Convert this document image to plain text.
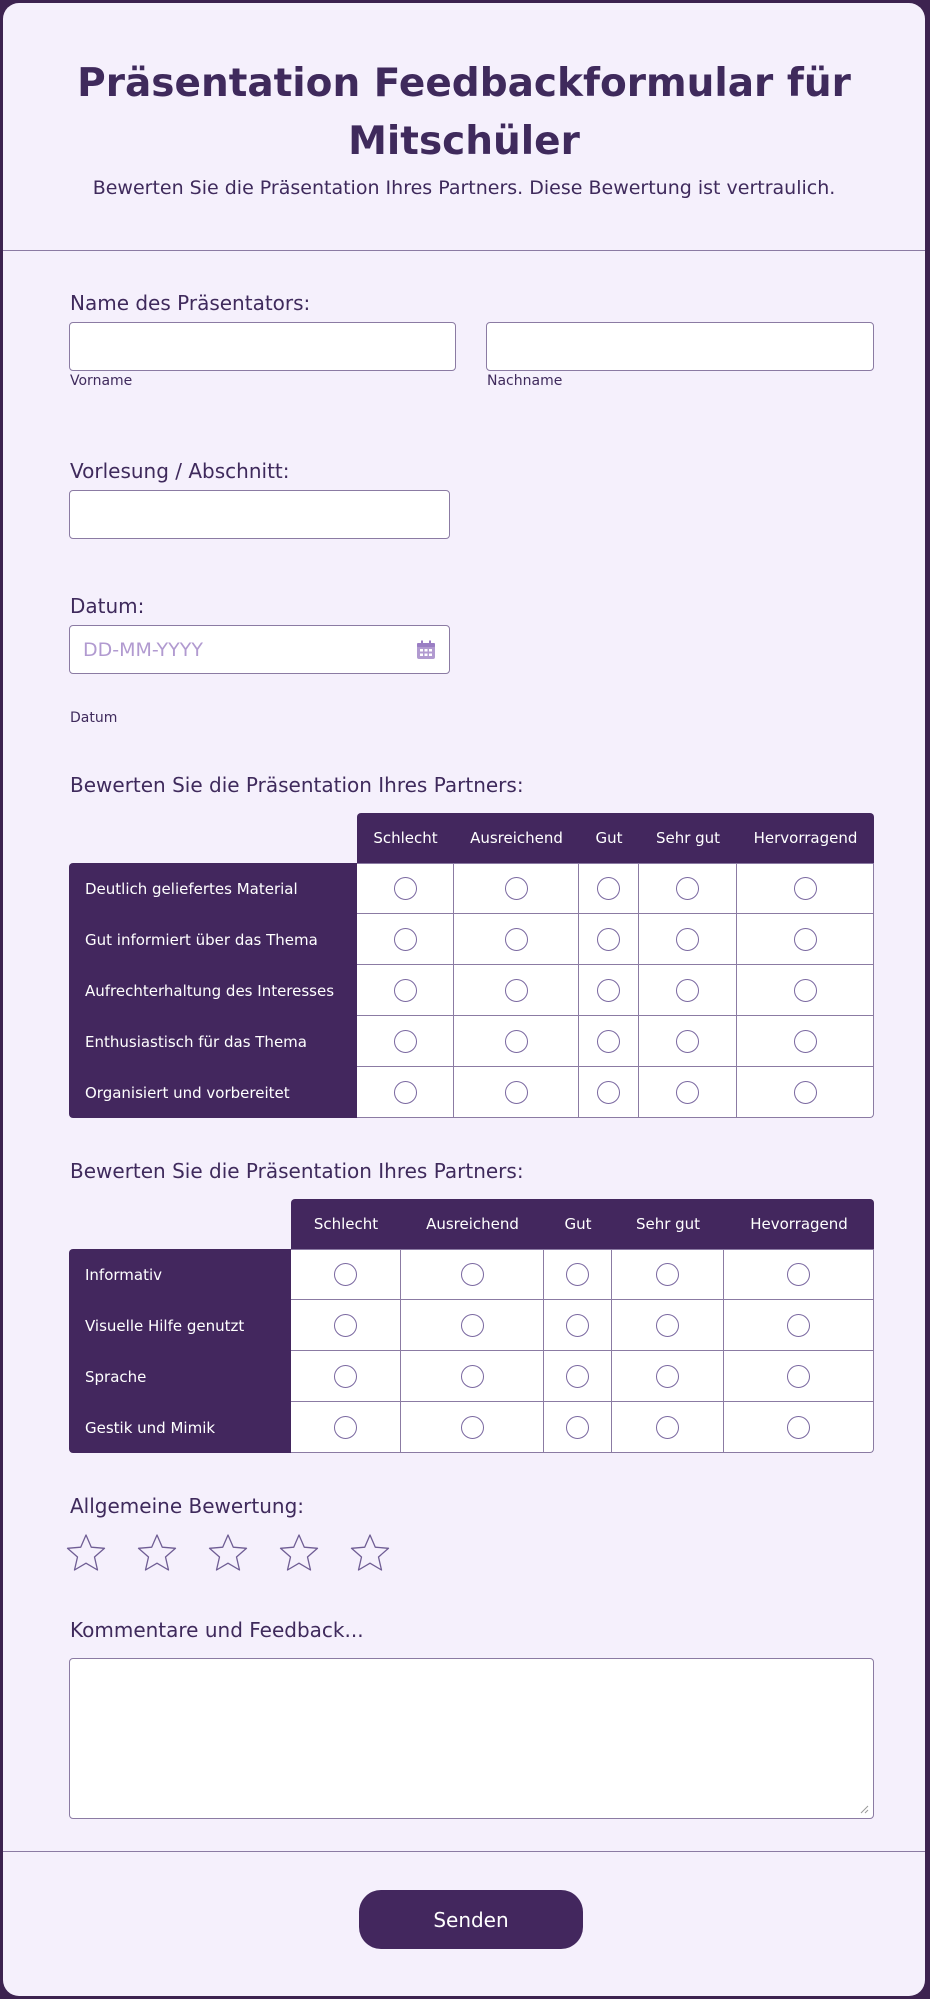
Präsentation Feedbackformular für Mitschüler
Bewerten Sie die Präsentation Ihres Partners. Diese Bewertung ist vertraulich.
Name des Präsentators:
Vorname	Nachname
Vorlesung / Abschnitt:
Datum:
DD-MM-YYYY
Datum
Bewerten Sie die Präsentation Ihres Partners:
	Schlecht	Ausreichend	Gut	Sehr gut	Hervorragend
Deutlich geliefertes Material					
Gut informiert über das Thema					
Aufrechterhaltung des Interesses					
Enthusiastisch für das Thema					
Organisiert und vorbereitet					
Bewerten Sie die Präsentation Ihres Partners:
	Schlecht	Ausreichend	Gut	Sehr gut	Hevorragend
Informativ					
Visuelle Hilfe genutzt					
Sprache					
Gestik und Mimik					
Allgemeine Bewertung:
Kommentare und Feedback...
Senden
